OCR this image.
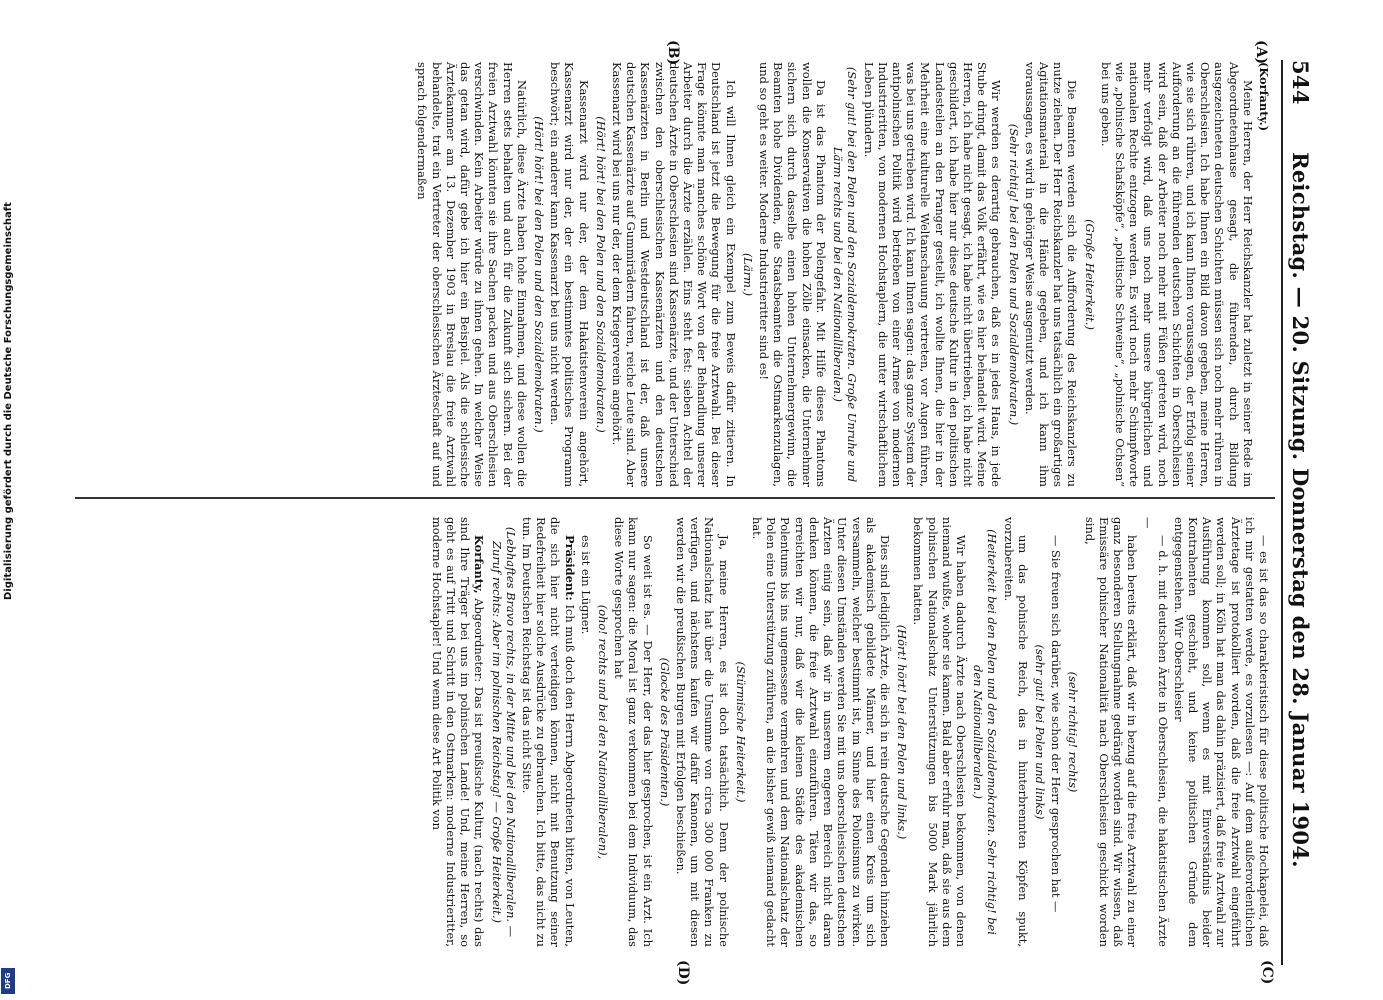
544
Reichstag. — 20. Sitzung. Donnerstag den 28. Januar 1904.
(A)
(B)
(C)
(D)

(Korfanty.)

Meine Herren, der Herr Reichskanzler hat zuletzt in seiner Rede im Abgeordnetenhause gesagt, die führenden, durch Bildung ausgezeichneten deutschen Schichten müssen sich noch mehr rühren in Oberschlesien. Ich habe Ihnen ein Bild davon gegeben, meine Herren, wie sie sich rühren, und ich kann Ihnen voraussagen, der Erfolg seiner Aufforderung an die führenden deutschen Schichten in Oberschlesien wird sein, daß der Arbeiter noch mehr mit Füßen getreten wird, noch mehr verfolgt wird, daß uns noch mehr unsere bürgerlichen und nationalen Rechte entzogen werden. Es wird noch mehr Schimpfworte wie „polnische Schafsköpfe“, „politische Schweine“, „polnische Ochsen“ bei uns geben.

(Große Heiterkeit.)

Die Beamten werden sich die Aufforderung des Reichskanzlers zu nutze ziehen. Der Herr Reichskanzler hat uns tatsächlich ein großartiges Agitationsmaterial in die Hände gegeben, und ich kann ihm voraussagen, es wird in gehöriger Weise ausgenutzt werden.

(Sehr richtig! bei den Polen und Sozialdemokraten.)

Wir werden es derartig gebrauchen, daß es in jedes Haus, in jede Stube dringt, damit das Volk erfährt, wie es hier behandelt wird. Meine Herren, ich habe nicht gesagt, ich habe nicht übertrieben, ich habe nicht geschildert, ich habe hier nur diese deutsche Kultur in den politischen Landesteilen an den Pranger gestellt, ich wollte Ihnen, die hier in der Mehrheit eine kulturelle Weltanschauung vertreten, vor Augen führen, was bei uns getrieben wird. Ich kann Ihnen sagen: das ganze System der antipolnischen Politik wird betrieben von einer Armee von modernen Industrieritten, von modernen Hochstaplern, die unter wirtschaftlichem Leben plündern.

(Sehr gut! bei den Polen und den Sozialdemokraten. Große Unruhe und Lärm rechts und bei den Nationalliberalen.)

Da ist das Phantom der Polengefahr. Mit Hilfe dieses Phantoms wollen die Konservativen die hohen Zölle einsacken, die Unternehmer sichern sich durch dasselbe einen hohen Unternehmergewinn, die Beamten hohe Dividenden, die Staatsbeamten die Ostmarkenzulagen, und so geht es weiter. Moderne Industrieritter sind es!

(Lärm.)

Ich will Ihnen gleich ein Exempel zum Beweis dafür zitieren. In Deutschland ist jetzt die Bewegung für die freie Arztwahl. Bei dieser Frage könnte man manches schöne Wort von der Behandlung unserer Arbeiter durch die Ärzte erzählen. Eins steht fest: sieben Achtel der deutschen Ärzte in Oberschlesien sind Kassenärzte, und der Unterschied zwischen den oberschlesischen Kassenärzten und den deutschen Kassenärzten in Berlin und Westdeutschland ist der, daß unsere deutschen Kassenärzte auf Gummirädern fahren, reiche Leute sind. Aber Kassenarzt wird bei uns nur der, der dem Kriegerverein angehört.

(Hört! hört! bei den Polen und den Sozialdemokraten.)

Kassenarzt wird nur der, der dem Hakatistenverein angehört, Kassenarzt wird nur der, der ein bestimmtes politisches Programm beschwört; ein anderer kann Kassenarzt bei uns nicht werden.

(Hört! hört! bei den Polen und den Sozialdemokraten.)

Natürlich, diese Ärzte haben hohe Einnahmen, und diese wollen die Herren stets behalten und auch für die Zukunft sich sichern. Bei der freien Arztwahl könnten sie ihre Sachen packen und aus Oberschlesien verschwinden. Kein Arbeiter würde zu ihnen gehen. In welcher Weise das getan wird, dafür gebe ich hier ein Beispiel. Als die schlesische Ärztekammer am 13. Dezember 1903 in Breslau die freie Arztwahl behandelte, trat ein Vertreter der oberschlesischen Ärzteschaft auf und sprach folgendermaßen

— es ist das so charakteristisch für diese politische Hochkapelei, daß ich mir gestatten werde, es vorzulesen —: Auf dem außerordentlichen Ärztetage ist protokolliert worden, daß die freie Arztwahl eingeführt werden soll; in Köln hat man das dahin präzisiert, daß freie Arztwahl zur Ausführung kommen soll, wenn es mit Einverständnis beider Kontrahenten geschieht, und keine politischen Gründe dem entgegenstehen. Wir Oberschlesier

— d. h. mit deutschen Ärzte in Oberschlesien, die hakatistischen Ärzte —

haben bereits erklärt, daß wir in bezug auf die freie Arztwahl zu einer ganz besonderen Stellungnahme gedrängt worden sind. Wir wissen, daß Emissäre polnischer Nationalität nach Oberschlesien geschickt worden sind,

(sehr richtig! rechts)

— Sie freuen sich darüber, wie schon der Herr gesprochen hat —

(sehr gut! bei Polen und links)

um das polnische Reich, das in hinterbrennten Köpfen spukt, vorzubereiten.

(Heiterkeit bei den Polen und den Sozialdemokraten. Sehr richtig! bei den Nationalliberalen.)

Wir haben dadurch Ärzte nach Oberschlesien bekommen, von denen niemand wußte, woher sie kamen. Bald aber erfuhr man, daß sie aus dem polnischen Nationalschatz Unterstützungen bis 5000 Mark jährlich bekommen hatten.

(Hört! hört! bei den Polen und links.)

Dies sind lediglich Ärzte, die sich in rein deutsche Gegenden hinziehen als akademisch gebildete Männer, und hier einen Kreis um sich versammeln, welcher bestimmt ist, im Sinne des Polonismus zu wirken. Unter diesen Umständen werden Sie mit uns oberschlesischen deutschen Ärzten einig sein, daß wir in unserem engeren Bereich nicht daran denken können, die freie Arztwahl einzuführen. Täten wir das, so erreichten wir nur, daß wir die kleinen Städte des akademischen Polentums bis ins ungemessene vermehren und dem Nationalschatz der Polen eine Unterstützung zuführen, an die bisher gewiß niemand gedacht hat.

(Stürmische Heiterkeit.)

Ja, meine Herren, es ist doch tatsächlich. Denn der polnische Nationalschatz hat über die Unsumme von circa 300 000 Franken zu verfügen, und nächstens kaufen wir dafür Kanonen, um mit diesen werden wir die preußischen Burgen mit Erfolgen beschießen.

(Glocke des Präsidenten.)

So weit ist es. — Der Herr, der das hier gesprochen, ist ein Arzt. Ich kann nur sagen: die Moral ist ganz verkommen bei dem Individuum, das diese Worte gesprochen hat

(oho! rechts und bei den Nationalliberalen),

es ist ein Lügner.

Präsident: Ich muß doch den Herrn Abgeordneten bitten, von Leuten, die sich hier nicht verteidigen können, nicht mit Benutzung seiner Redefreiheit hier solche Ausdrücke zu gebrauchen. Ich bitte, das nicht zu tun. Im Deutschen Reichstag ist das nicht Sitte.

(Lebhaftes Bravo rechts, in der Mitte und bei den Nationalliberalen. — Zuruf rechts: Aber im polnischen Reichstag! — Große Heiterkeit.)

Korfanty, Abgeordneter: Das ist preußische Kultur, (nach rechts) das sind Ihre Träger bei uns im polnischen Lande! Und, meine Herren, so geht es auf Tritt und Schritt in den Ostmarken: moderne Industrieritter, moderne Hochstapler! Und wenn diese Art Politik von

Digitalisierung gefördert durch die Deutsche Forschungsgemeinschaft
DFG
